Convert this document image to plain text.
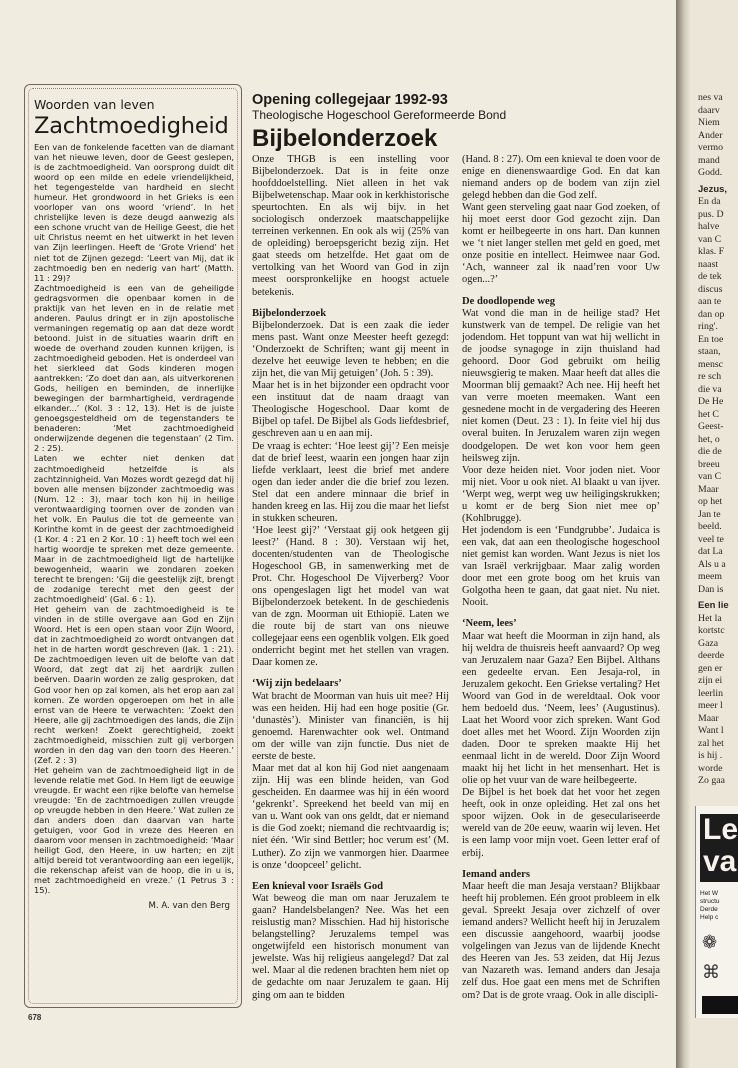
Woorden van leven
Zachtmoedigheid

Een van de fonkelende facetten van de diamant van het nieuwe leven, door de Geest geslepen, is de zachtmoedigheid. Van oorsprong duidt dit woord op een milde en edele vriendelijkheid, het tegengestelde van hardheid en slecht humeur. Het grondwoord in het Grieks is een voorloper van ons woord ‘vriend’. In het christelijke leven is deze deugd aanwezig als een schone vrucht van de Heilige Geest, die het uit Christus neemt en het uitwerkt in het leven van Zijn leerlingen. Heeft de ‘Grote Vriend’ het niet tot de Zijnen gezegd: ‘Leert van Mij, dat ik zachtmoedig ben en nederig van hart’ (Matth. 11 : 29)?

Zachtmoedigheid is een van de geheiligde gedragsvormen die openbaar komen in de praktijk van het leven en in de relatie met anderen. Paulus dringt er in zijn apostolische vermaningen regematig op aan dat deze wordt betoond. Juist in de situaties waarin drift en woede de overhand zouden kunnen krijgen, is zachtmoedigheid geboden. Het is onderdeel van het sierkleed dat Gods kinderen mogen aantrekken: ‘Zo doet dan aan, als uitverkorenen Gods, heiligen en beminden, de innerlijke bewegingen der barmhartigheid, verdragende elkander...’ (Kol. 3 : 12, 13). Het is de juiste genoegsgesteldheid om de tegenstanders te benaderen: ‘Met zachtmoedigheid onderwijzende degenen die tegenstaan’ (2 Tim. 2 : 25).

Laten we echter niet denken dat zachtmoedigheid hetzelfde is als zachtzinnigheid. Van Mozes wordt gezegd dat hij boven alle mensen bijzonder zachtmoedig was (Num. 12 : 3), maar toch kon hij in heilige verontwaardiging toornen over de zonden van het volk. En Paulus die tot de gemeente van Korinthe komt in de geest der zachtmoedigheid (1 Kor. 4 : 21 en 2 Kor. 10 : 1) heeft toch wel een hartig woordje te spreken met deze gemeente. Maar in de zachtmoedigheid ligt de hartelijke bewogenheid, waarin we zondaren zoeken terecht te brengen: ‘Gij die geestelijk zijt, brengt de zodanige terecht met den geest der zachtmoedigheid’ (Gal. 6 : 1).

Het geheim van de zachtmoedigheid is te vinden in de stille overgave aan God en Zijn Woord. Het is een open staan voor Zijn Woord, dat in zachtmoedigheid zo wordt ontvangen dat het in de harten wordt geschreven (Jak. 1 : 21). De zachtmoedigen leven uit de belofte van dat Woord, dat zegt dat zij het aardrijk zullen beërven. Daarin worden ze zalig gesproken, dat God voor hen op zal komen, als het erop aan zal komen. Ze worden opgeroepen om het in alle ernst van de Heere te verwachten: ‘Zoekt den Heere, alle gij zachtmoedigen des lands, die Zijn recht werken! Zoekt gerechtigheid, zoekt zachtmoedigheid, misschien zult gij verborgen worden in den dag van den toorn des Heeren.’ (Zef. 2 : 3)

Het geheim van de zachtmoedigheid ligt in de levende relatie met God. In Hem ligt de eeuwige vreugde. Er wacht een rijke belofte van hemelse vreugde: ‘En de zachtmoedigen zullen vreugde op vreugde hebben in den Heere.’ Wat zullen ze dan anders doen dan daarvan van harte getuigen, voor God in vreze des Heeren en daarom voor mensen in zachtmoedigheid: ‘Maar heiligt God, den Heere, in uw harten; en zijt altijd bereid tot verantwoording aan een iegelijk, die rekenschap afeist van de hoop, die in u is, met zachtmoedigheid en vreze.’ (1 Petrus 3 : 15).

M. A. van den Berg
Opening collegejaar 1992-93
Theologische Hogeschool Gereformeerde Bond
Bijbelonderzoek

Onze THGB is een instelling voor Bijbelonderzoek. Dat is in feite onze hoofddoelstelling. Niet alleen in het vak Bijbelwetenschap. Maar ook in kerkhistorische speurtochten. En als wij bijv. in het sociologisch onderzoek maatschappelijke terreinen verkennen. En ook als wij (25% van de opleiding) beroepsgericht bezig zijn. Het gaat steeds om hetzelfde. Het gaat om de vertolking van het Woord van God in zijn meest oorspronkelijke en hoogst actuele betekenis.

Bijbelonderzoek

Bijbelonderzoek. Dat is een zaak die ieder mens past. Want onze Meester heeft gezegd: ‘Onderzoekt de Schriften; want gij meent in dezelve het eeuwige leven te hebben; en die zijn het, die van Mij getuigen’ (Joh. 5 : 39).

Maar het is in het bijzonder een opdracht voor een instituut dat de naam draagt van Theologische Hogeschool. Daar komt de Bijbel op tafel. De Bijbel als Gods liefdesbrief, geschreven aan u en aan mij.

De vraag is echter: ‘Hoe leest gij’? Een meisje dat de brief leest, waarin een jongen haar zijn liefde verklaart, leest die brief met andere ogen dan ieder ander die die brief zou lezen. Stel dat een andere minnaar die brief in handen kreeg en las. Hij zou die maar het liefst in stukken scheuren.

‘Hoe leest gij?’ ‘Verstaat gij ook hetgeen gij leest?’ (Hand. 8 : 30). Verstaan wij het, docenten/studenten van de Theologische Hogeschool GB, in samenwerking met de Prot. Chr. Hogeschool De Vijverberg? Voor ons opengeslagen ligt het model van wat Bijbelonderzoek betekent. In de geschiedenis van de zgn. Moorman uit Ethiopië. Laten we die route bij de start van ons nieuwe collegejaar eens een ogenblik volgen. Elk goed onderricht begint met het stellen van vragen. Daar komen ze.

‘Wij zijn bedelaars’

Wat bracht de Moorman van huis uit mee? Hij was een heiden. Hij had een hoge positie (Gr. ‘dunastès’). Minister van financiën, is hij genoemd. Harenwachter ook wel. Ontmand om der wille van zijn functie. Dus niet de eerste de beste.

Maar met dat al kon hij God niet aangenaam zijn. Hij was een blinde heiden, van God gescheiden. En daarmee was hij in één woord ‘gekrenkt’. Spreekend het beeld van mij en van u. Want ook van ons geldt, dat er niemand is die God zoekt; niemand die rechtvaardig is; niet één. ‘Wir sind Bettler; hoc verum est’ (M. Luther). Zo zijn we vanmorgen hier. Daarmee is onze ‘doopceel’ gelicht.

Een knieval voor Israëls God

Wat beweog die man om naar Jeruzalem te gaan? Handelsbelangen? Nee. Was het een reislustig man? Misschien. Had hij historische belangstelling? Jeruzalems tempel was ongetwijfeld een historisch monument van jewelste. Was hij religieus aangelegd? Dat zal wel. Maar al die redenen brachten hem niet op de gedachte om naar Jeruzalem te gaan. Hij ging om aan te bidden

(Hand. 8 : 27). Om een knieval te doen voor de enige en dienenswaardige God. En dat kan niemand anders op de bodem van zijn ziel gelegd hebben dan die God zelf.

Want geen sterveling gaat naar God zoeken, of hij moet eerst door God gezocht zijn. Dan komt er heilbegeerte in ons hart. Dan kunnen we ‘t niet langer stellen met geld en goed, met onze positie en intellect. Heimwee naar God. ‘Ach, wanneer zal ik naad’ren voor Uw ogen...?’

De doodlopende weg

Wat vond die man in de heilige stad? Het kunstwerk van de tempel. De religie van het jodendom. Het toppunt van wat hij wellicht in de joodse synagoge in zijn thuisland had gehoord. Door God gebruikt om heilig nieuwsgierig te maken. Maar heeft dat alles die Moorman blij gemaakt? Ach nee. Hij heeft het van verre moeten meemaken. Want een gesnedene mocht in de vergadering des Heeren niet komen (Deut. 23 : 1). In feite viel hij dus overal buiten. In Jeruzalem waren zijn wegen doodgelopen. De wet kon voor hem geen heilsweg zijn.

Voor deze heiden niet. Voor joden niet. Voor mij niet. Voor u ook niet. Al blaakt u van ijver. ‘Werpt weg, werpt weg uw heiligingskrukken; u komt er de berg Sion niet mee op’ (Kohlbrugge).

Het jodendom is een ‘Fundgrubbe’. Judaica is een vak, dat aan een theologische hogeschool niet gemist kan worden. Want Jezus is niet los van Israël verkrijgbaar. Maar zalig worden door met een grote boog om het kruis van Golgotha heen te gaan, dat gaat niet. Nu niet. Nooit.

‘Neem, lees’

Maar wat heeft die Moorman in zijn hand, als hij weldra de thuisreis heeft aanvaard? Op weg van Jeruzalem naar Gaza? Een Bijbel. Althans een gedeelte ervan. Een Jesaja-rol, in Jeruzalem gekocht. Een Griekse vertaling? Het Woord van God in de wereldtaal. Ook voor hem bedoeld dus. ‘Neem, lees’ (Augustinus). Laat het Woord voor zich spreken. Want God doet alles met het Woord. Zijn Woorden zijn daden. Door te spreken maakte Hij het eenmaal licht in de wereld. Door Zijn Woord maakt hij het licht in het mensenhart. Het is olie op het vuur van de ware heilbegeerte.

De Bijbel is het boek dat het voor het zegen heeft, ook in onze opleiding. Het zal ons het spoor wijzen. Ook in de geseculariseerde wereld van de 20e eeuw, waarin wij leven. Het is een lamp voor mijn voet. Geen letter eraf of erbij.

Iemand anders

Maar heeft die man Jesaja verstaan? Blijkbaar heeft hij problemen. Eén groot probleem in elk geval. Spreekt Jesaja over zichzelf of over iemand anders? Wellicht heeft hij in Jeruzalem een discussie aangehoord, waarbij joodse volgelingen van Jezus van de lijdende Knecht des Heeren van Jes. 53 zeiden, dat Hij Jezus van Nazareth was. Iemand anders dan Jesaja zelf dus. Hoe gaat een mens met de Schriften om? Dat is de grote vraag. Ook in alle discipli-

678
nes va
daarv
Niem
Ander
vermo
mand
Godd.
Jezus,
En da
pus. D
halve
van C
klas. F
naast
de tek
discus
aan te
dan op
ring'.
En toe
staan,
mensc
re sch
die va
De He
het C
Geest-
het, o
die de
breeu
van C
Maar
op het
Jan te
beeld.
veel te
dat La
Als u a
meem
Dan is
Een lie
Het la
kortstc
Gaza
deerde
gen er
zijn ei
leerlin
meer l
Maar
Want l
zal het
is hij .
worde
Zo gaa
Le
va
Het W
structu
Derde
Help c
❁
⌘
